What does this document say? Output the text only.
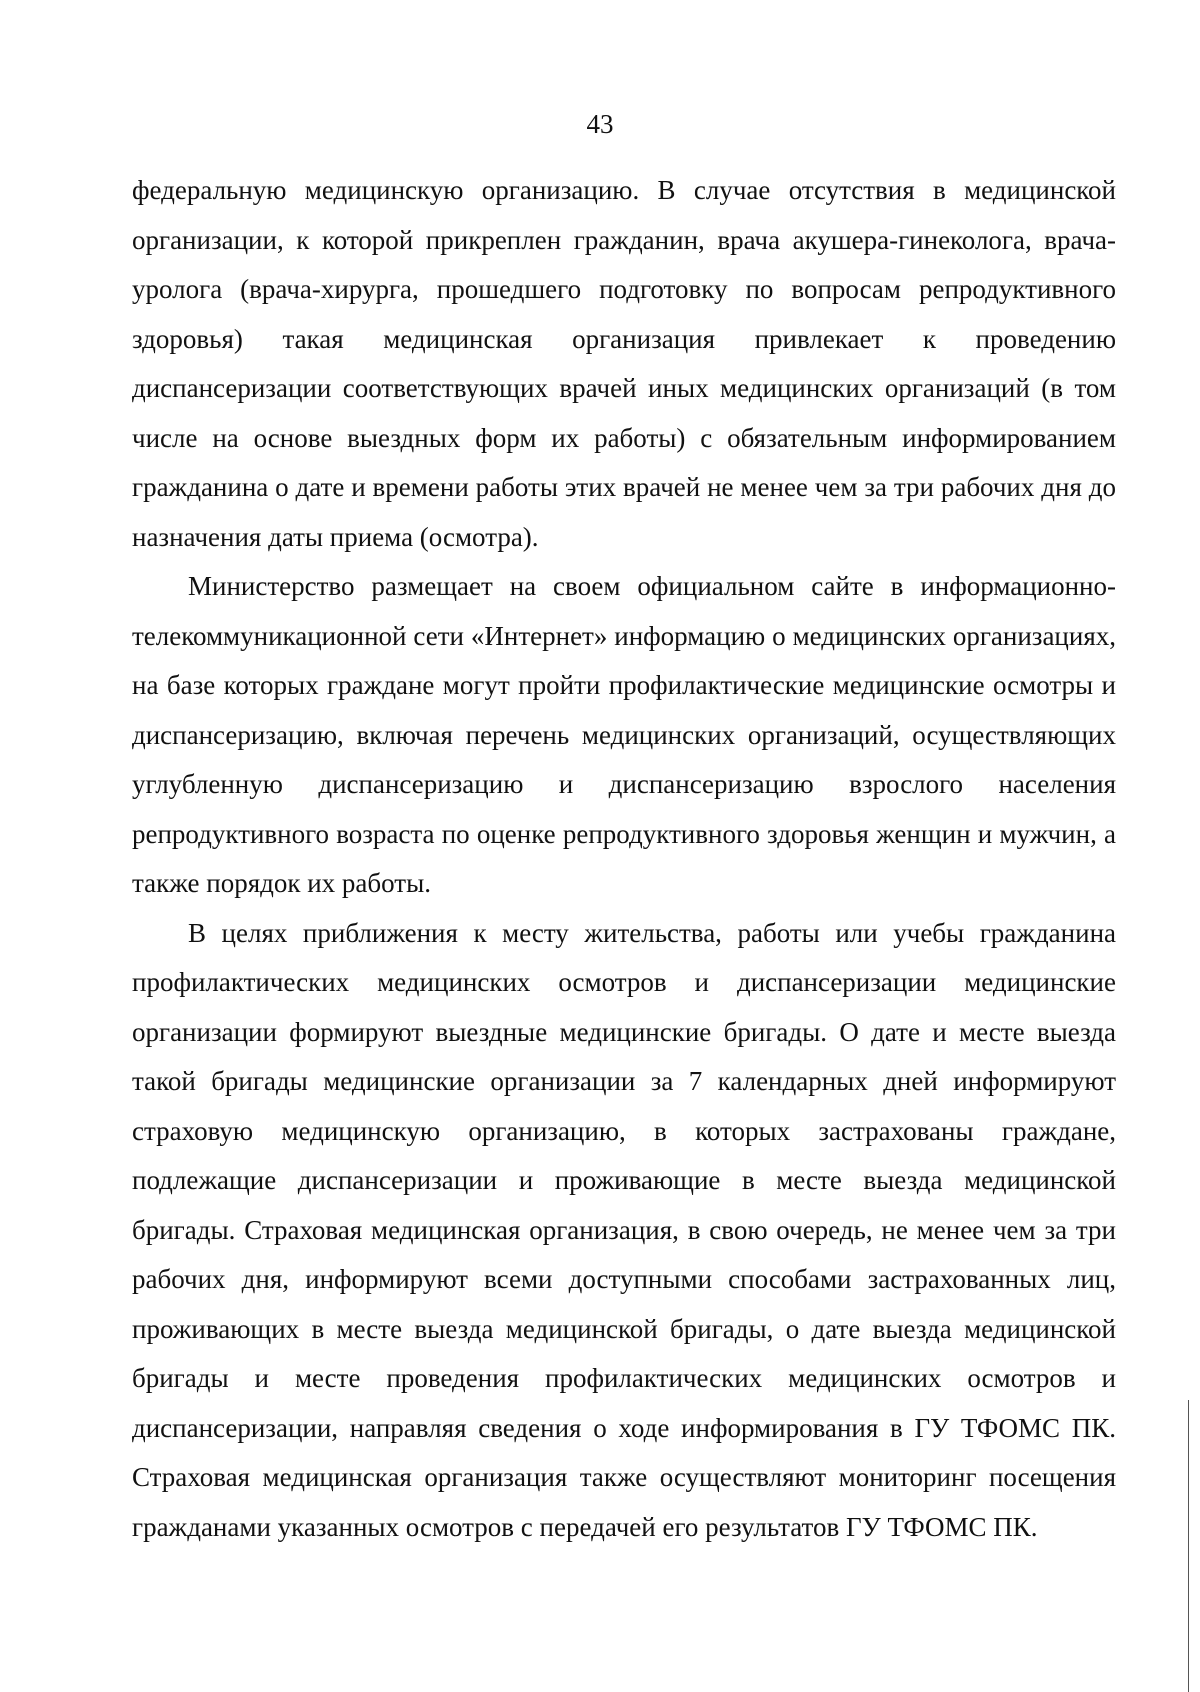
43

федеральную медицинскую организацию. В случае отсутствия в медицинской организации, к которой прикреплен гражданин, врача акушера-гинеколога, врача-уролога (врача-хирурга, прошедшего подготовку по вопросам репродуктивного здоровья) такая медицинская организация привлекает к проведению диспансеризации соответствующих врачей иных медицинских организаций (в том числе на основе выездных форм их работы) с обязательным информированием гражданина о дате и времени работы этих врачей не менее чем за три рабочих дня до назначения даты приема (осмотра).

Министерство размещает на своем официальном сайте в информационно-телекоммуникационной сети «Интернет» информацию о медицинских организациях, на базе которых граждане могут пройти профилактические медицинские осмотры и диспансеризацию, включая перечень медицинских организаций, осуществляющих углубленную диспансеризацию и диспансеризацию взрослого населения репродуктивного возраста по оценке репродуктивного здоровья женщин и мужчин, а также порядок их работы.

В целях приближения к месту жительства, работы или учебы гражданина профилактических медицинских осмотров и диспансеризации медицинские организации формируют выездные медицинские бригады. О дате и месте выезда такой бригады медицинские организации за 7 календарных дней информируют страховую медицинскую организацию, в которых застрахованы граждане, подлежащие диспансеризации и проживающие в месте выезда медицинской бригады. Страховая медицинская организация, в свою очередь, не менее чем за три рабочих дня, информируют всеми доступными способами застрахованных лиц, проживающих в месте выезда медицинской бригады, о дате выезда медицинской бригады и месте проведения профилактических медицинских осмотров и диспансеризации, направляя сведения о ходе информирования в ГУ ТФОМС ПК. Страховая медицинская организация также осуществляют мониторинг посещения гражданами указанных осмотров с передачей его результатов ГУ ТФОМС ПК.
